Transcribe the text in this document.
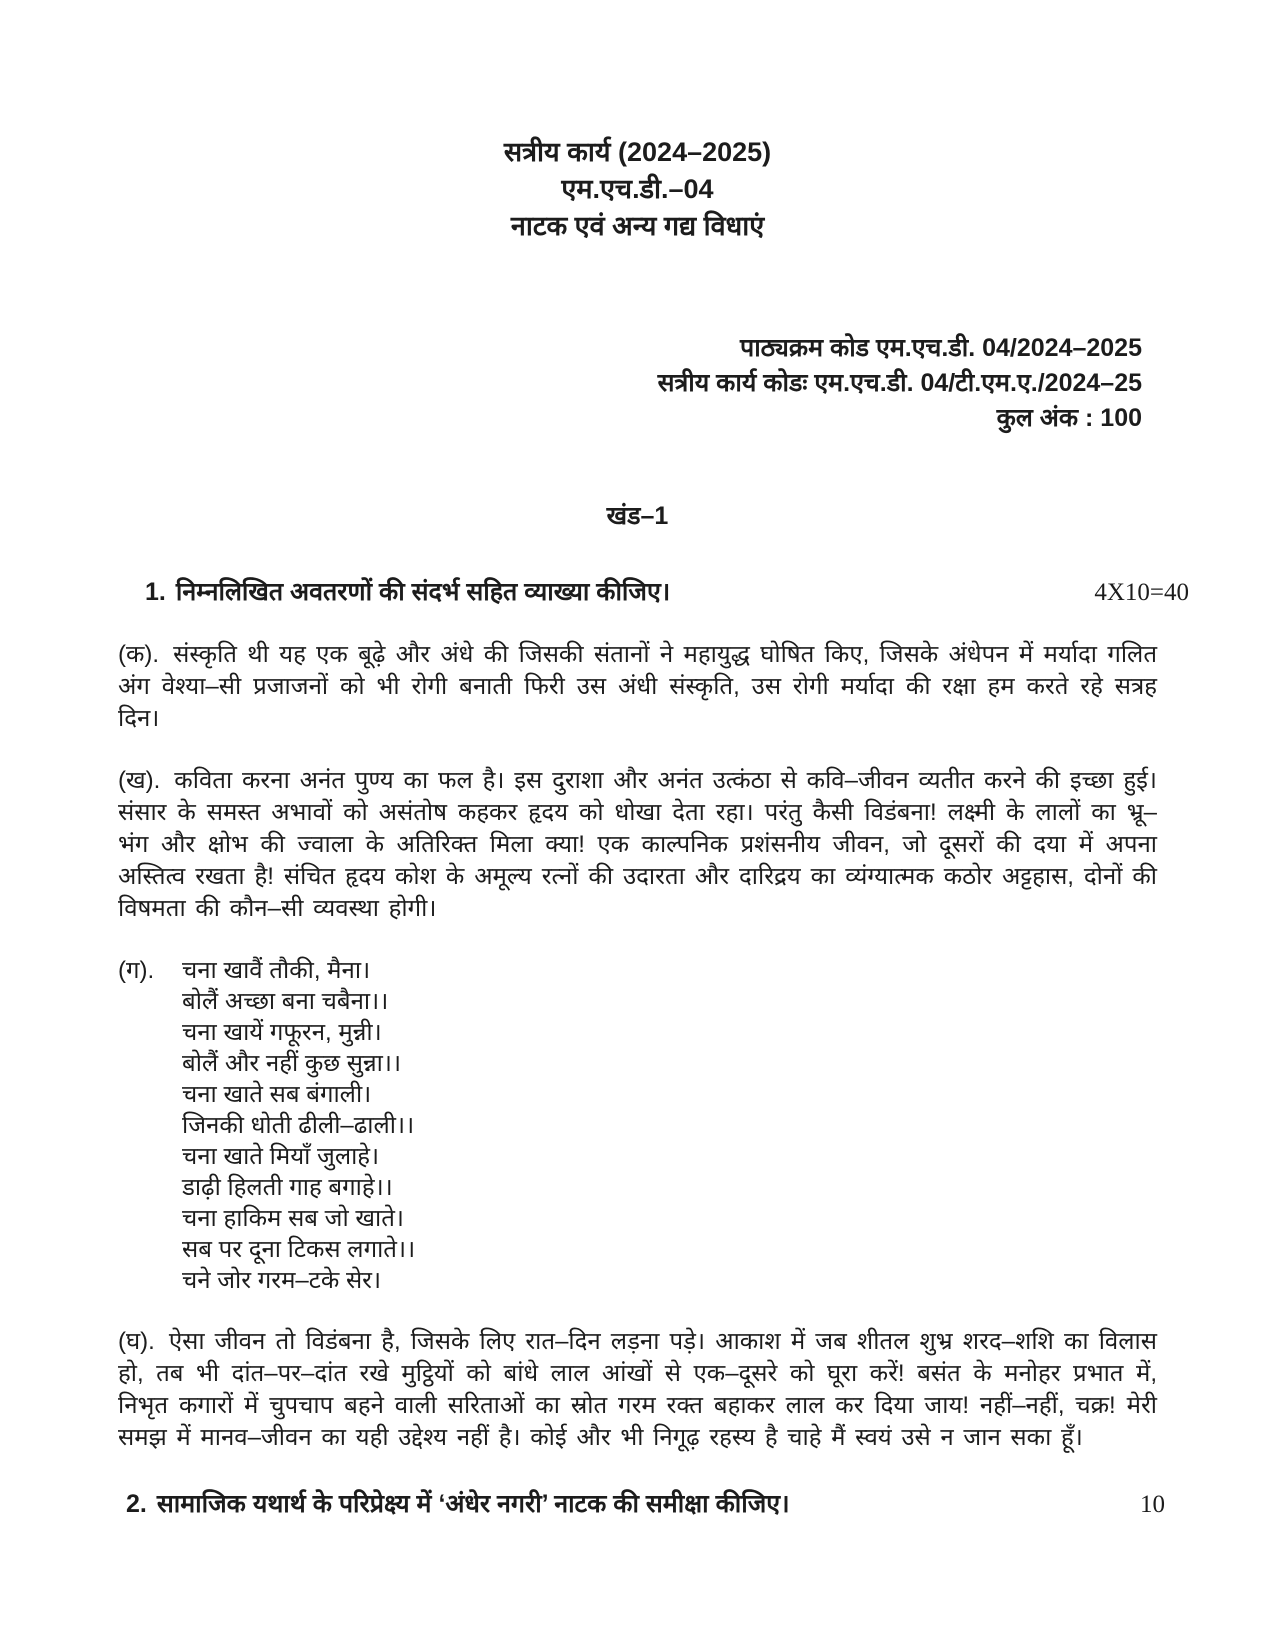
सत्रीय कार्य (2024–2025)
एम.एच.डी.–04
नाटक एवं अन्य गद्य विधाएं
पाठ्यक्रम कोड एम.एच.डी. 04/2024–2025
सत्रीय कार्य कोडः एम.एच.डी. 04/टी.एम.ए./2024–25
कुल अंक : 100
खंड–1
1. निम्नलिखित अवतरणों की संदर्भ सहित व्याख्या कीजिए।	4X10=40
(क). संस्कृति थी यह एक बूढ़े और अंधे की जिसकी संतानों ने महायुद्ध घोषित किए, जिसके अंधेपन में मर्यादा गलित अंग वेश्या–सी प्रजाजनों को भी रोगी बनाती फिरी उस अंधी संस्कृति, उस रोगी मर्यादा की रक्षा हम करते रहे सत्रह दिन।
(ख). कविता करना अनंत पुण्य का फल है। इस दुराशा और अनंत उत्कंठा से कवि–जीवन व्यतीत करने की इच्छा हुई। संसार के समस्त अभावों को असंतोष कहकर हृदय को धोखा देता रहा। परंतु कैसी विडंबना! लक्ष्मी के लालों का भ्रू–भंग और क्षोभ की ज्वाला के अतिरिक्त मिला क्या! एक काल्पनिक प्रशंसनीय जीवन, जो दूसरों की दया में अपना अस्तित्व रखता है! संचित हृदय कोश के अमूल्य रत्नों की उदारता और दारिद्रय का व्यंग्यात्मक कठोर अट्टहास, दोनों की विषमता की कौन–सी व्यवस्था होगी।
(ग).	चना खावैं तौकी, मैना।
बोलैं अच्छा बना चबैना।।
चना खायें गफूरन, मुन्नी।
बोलैं और नहीं कुछ सुन्ना।।
चना खाते सब बंगाली।
जिनकी धोती ढीली–ढाली।।
चना खाते मियाँ जुलाहे।
डाढ़ी हिलती गाह बगाहे।।
चना हाकिम सब जो खाते।
सब पर दूना टिकस लगाते।।
चने जोर गरम–टके सेर।
(घ). ऐसा जीवन तो विडंबना है, जिसके लिए रात–दिन लड़ना पड़े। आकाश में जब शीतल शुभ्र शरद–शशि का विलास हो, तब भी दांत–पर–दांत रखे मुट्ठियों को बांधे लाल आंखों से एक–दूसरे को घूरा करें! बसंत के मनोहर प्रभात में, निभृत कगारों में चुपचाप बहने वाली सरिताओं का स्रोत गरम रक्त बहाकर लाल कर दिया जाय! नहीं–नहीं, चक्र! मेरी समझ में मानव–जीवन का यही उद्देश्य नहीं है। कोई और भी निगूढ़ रहस्य है चाहे मैं स्वयं उसे न जान सका हूँ।
2. सामाजिक यथार्थ के परिप्रेक्ष्य में ‘अंधेर नगरी’ नाटक की समीक्षा कीजिए।	10
